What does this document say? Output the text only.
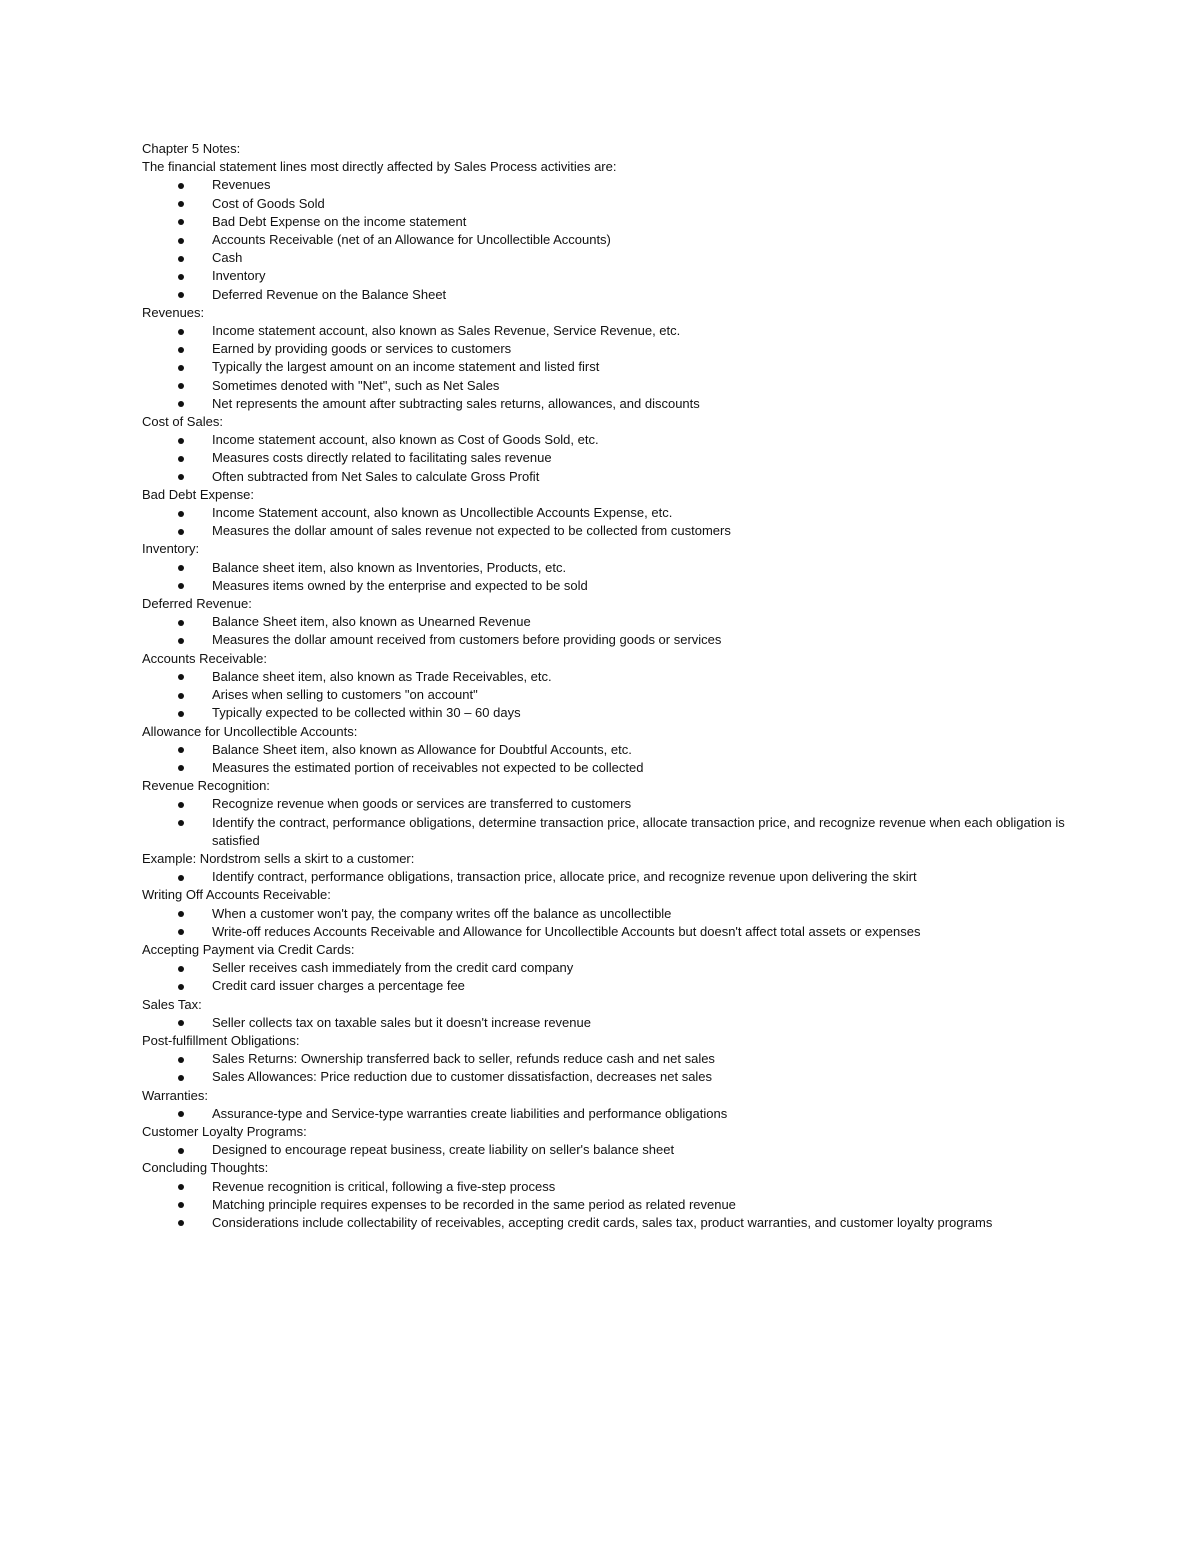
Chapter 5 Notes:
The financial statement lines most directly affected by Sales Process activities are:
Revenues
Cost of Goods Sold
Bad Debt Expense on the income statement
Accounts Receivable (net of an Allowance for Uncollectible Accounts)
Cash
Inventory
Deferred Revenue on the Balance Sheet
Revenues:
Income statement account, also known as Sales Revenue, Service Revenue, etc.
Earned by providing goods or services to customers
Typically the largest amount on an income statement and listed first
Sometimes denoted with "Net", such as Net Sales
Net represents the amount after subtracting sales returns, allowances, and discounts
Cost of Sales:
Income statement account, also known as Cost of Goods Sold, etc.
Measures costs directly related to facilitating sales revenue
Often subtracted from Net Sales to calculate Gross Profit
Bad Debt Expense:
Income Statement account, also known as Uncollectible Accounts Expense, etc.
Measures the dollar amount of sales revenue not expected to be collected from customers
Inventory:
Balance sheet item, also known as Inventories, Products, etc.
Measures items owned by the enterprise and expected to be sold
Deferred Revenue:
Balance Sheet item, also known as Unearned Revenue
Measures the dollar amount received from customers before providing goods or services
Accounts Receivable:
Balance sheet item, also known as Trade Receivables, etc.
Arises when selling to customers "on account"
Typically expected to be collected within 30 – 60 days
Allowance for Uncollectible Accounts:
Balance Sheet item, also known as Allowance for Doubtful Accounts, etc.
Measures the estimated portion of receivables not expected to be collected
Revenue Recognition:
Recognize revenue when goods or services are transferred to customers
Identify the contract, performance obligations, determine transaction price, allocate transaction price, and recognize revenue when each obligation is satisfied
Example: Nordstrom sells a skirt to a customer:
Identify contract, performance obligations, transaction price, allocate price, and recognize revenue upon delivering the skirt
Writing Off Accounts Receivable:
When a customer won't pay, the company writes off the balance as uncollectible
Write-off reduces Accounts Receivable and Allowance for Uncollectible Accounts but doesn't affect total assets or expenses
Accepting Payment via Credit Cards:
Seller receives cash immediately from the credit card company
Credit card issuer charges a percentage fee
Sales Tax:
Seller collects tax on taxable sales but it doesn't increase revenue
Post-fulfillment Obligations:
Sales Returns: Ownership transferred back to seller, refunds reduce cash and net sales
Sales Allowances: Price reduction due to customer dissatisfaction, decreases net sales
Warranties:
Assurance-type and Service-type warranties create liabilities and performance obligations
Customer Loyalty Programs:
Designed to encourage repeat business, create liability on seller's balance sheet
Concluding Thoughts:
Revenue recognition is critical, following a five-step process
Matching principle requires expenses to be recorded in the same period as related revenue
Considerations include collectability of receivables, accepting credit cards, sales tax, product warranties, and customer loyalty programs
